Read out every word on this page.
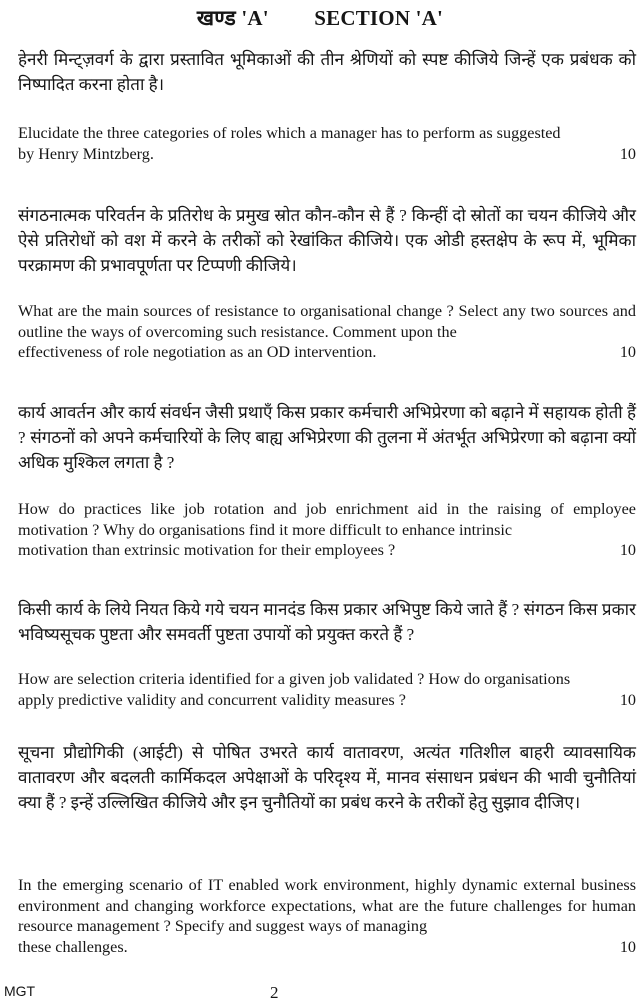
खण्ड 'A' SECTION 'A'
हेनरी मिन्ट्ज़वर्ग के द्वारा प्रस्तावित भूमिकाओं की तीन श्रेणियों को स्पष्ट कीजिये जिन्हें एक प्रबंधक को निष्पादित करना होता है।
Elucidate the three categories of roles which a manager has to perform as suggested
by Henry Mintzberg.	10
संगठनात्मक परिवर्तन के प्रतिरोध के प्रमुख स्रोत कौन-कौन से हैं ? किन्हीं दो स्रोतों का चयन कीजिये और ऐसे प्रतिरोधों को वश में करने के तरीकों को रेखांकित कीजिये। एक ओडी हस्तक्षेप के रूप में, भूमिका परक्रामण की प्रभावपूर्णता पर टिप्पणी कीजिये।
What are the main sources of resistance to organisational change ? Select any two sources and outline the ways of overcoming such resistance. Comment upon the
effectiveness of role negotiation as an OD intervention.	10
कार्य आवर्तन और कार्य संवर्धन जैसी प्रथाएँ किस प्रकार कर्मचारी अभिप्रेरणा को बढ़ाने में सहायक होती हैं ? संगठनों को अपने कर्मचारियों के लिए बाह्य अभिप्रेरणा की तुलना में अंतर्भूत अभिप्रेरणा को बढ़ाना क्यों अधिक मुश्किल लगता है ?
How do practices like job rotation and job enrichment aid in the raising of employee motivation ? Why do organisations find it more difficult to enhance intrinsic
motivation than extrinsic motivation for their employees ?	10
किसी कार्य के लिये नियत किये गये चयन मानदंड किस प्रकार अभिपुष्ट किये जाते हैं ? संगठन किस प्रकार भविष्यसूचक पुष्टता और समवर्ती पुष्टता उपायों को प्रयुक्त करते हैं ?
How are selection criteria identified for a given job validated ? How do organisations
apply predictive validity and concurrent validity measures ?	10
सूचना प्रौद्योगिकी (आईटी) से पोषित उभरते कार्य वातावरण, अत्यंत गतिशील बाहरी व्यावसायिक वातावरण और बदलती कार्मिकदल अपेक्षाओं के परिदृश्य में, मानव संसाधन प्रबंधन की भावी चुनौतियां क्या हैं ? इन्हें उल्लिखित कीजिये और इन चुनौतियों का प्रबंध करने के तरीकों हेतु सुझाव दीजिए।
In the emerging scenario of IT enabled work environment, highly dynamic external business environment and changing workforce expectations, what are the future challenges for human resource management ? Specify and suggest ways of managing
these challenges.	10
MGT	2
